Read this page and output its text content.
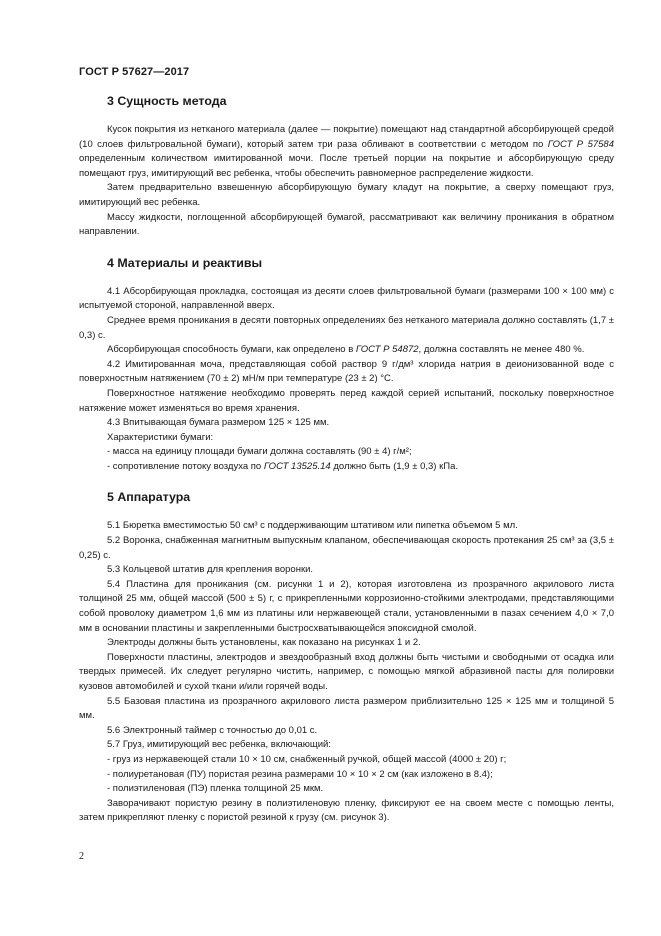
ГОСТ Р 57627—2017
3 Сущность метода

Кусок покрытия из нетканого материала (далее — покрытие) помещают над стандартной абсорбирующей средой (10 слоев фильтровальной бумаги), который затем три раза обливают в соответствии с методом по ГОСТ Р 57584 определенным количеством имитированной мочи. После третьей порции на покрытие и абсорбирующую среду помещают груз, имитирующий вес ребенка, чтобы обеспечить равномерное распределение жидкости.

Затем предварительно взвешенную абсорбирующую бумагу кладут на покрытие, а сверху помещают груз, имитирующий вес ребенка.

Массу жидкости, поглощенной абсорбирующей бумагой, рассматривают как величину проникания в обратном направлении.

4 Материалы и реактивы

4.1 Абсорбирующая прокладка, состоящая из десяти слоев фильтровальной бумаги (размерами 100 × 100 мм) с испытуемой стороной, направленной вверх.

Среднее время проникания в десяти повторных определениях без нетканого материала должно составлять (1,7 ± 0,3) с.

Абсорбирующая способность бумаги, как определено в ГОСТ Р 54872, должна составлять не менее 480 %.

4.2 Имитированная моча, представляющая собой раствор 9 г/дм³ хлорида натрия в деионизованной воде с поверхностным натяжением (70 ± 2) мН/м при температуре (23 ± 2) °С.

Поверхностное натяжение необходимо проверять перед каждой серией испытаний, поскольку поверхностное натяжение может изменяться во время хранения.

4.3 Впитывающая бумага размером 125 × 125 мм.

Характеристики бумаги:

- масса на единицу площади бумаги должна составлять (90 ± 4) г/м²;

- сопротивление потоку воздуха по ГОСТ 13525.14 должно быть (1,9 ± 0,3) кПа.

5 Аппаратура

5.1 Бюретка вместимостью 50 см³ с поддерживающим штативом или пипеткa объемом 5 мл.

5.2 Воронка, снабженная магнитным выпускным клапаном, обеспечивающая скорость протекания 25 см³ за (3,5 ± 0,25) с.

5.3 Кольцевой штатив для крепления воронки.

5.4 Пластина для проникания (см. рисунки 1 и 2), которая изготовлена из прозрачного акрилового листа толщиной 25 мм, общей массой (500 ± 5) г, с прикрепленными коррозионно-стойкими электродами, представляющими собой проволоку диаметром 1,6 мм из платины или нержавеющей стали, установленными в пазах сечением 4,0 × 7,0 мм в основании пластины и закрепленными быстросхватывающейся эпоксидной смолой.

Электроды должны быть установлены, как показано на рисунках 1 и 2.

Поверхности пластины, электродов и звездообразный вход должны быть чистыми и свободными от осадка или твердых примесей. Их следует регулярно чистить, например, с помощью мягкой абразивной пасты для полировки кузовов автомобилей и сухой ткани и/или горячей воды.

5.5 Базовая пластина из прозрачного акрилового листа размером приблизительно 125 × 125 мм и толщиной 5 мм.

5.6 Электронный таймер с точностью до 0,01 с.

5.7 Груз, имитирующий вес ребенка, включающий:

- груз из нержавеющей стали 10 × 10 см, снабженный ручкой, общей массой (4000 ± 20) г;

- полиуретановая (ПУ) пористая резина размерами 10 × 10 × 2 см (как изложено в 8.4);

- полиэтиленовая (ПЭ) пленка толщиной 25 мкм.

Заворачивают пористую резину в полиэтиленовую пленку, фиксируют ее на своем месте с помощью ленты, затем прикрепляют пленку с пористой резиной к грузу (см. рисунок 3).

2
